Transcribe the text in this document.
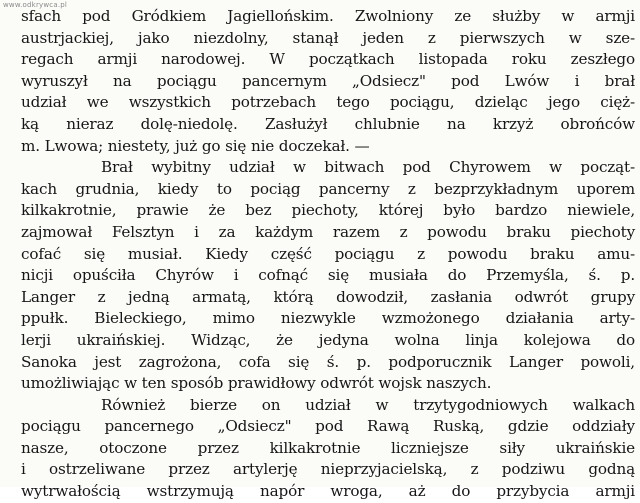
www.odkrywca.pl
sfach pod Gródkiem Jagiellońskim. Zwolniony ze służby w armji
austrjackiej, jako niezdolny, stanął jeden z pierwszych w sze-
regach armji narodowej. W początkach listopada roku zeszłego
wyruszył na pociągu pancernym „Odsiecz" pod Lwów i brał
udział we wszystkich potrzebach tego pociągu, dzieląc jego cięż-
ką nieraz dolę-niedolę. Zasłużył chlubnie na krzyż obrońców
m. Lwowa; niestety, już go się nie doczekał. —
Brał wybitny udział w bitwach pod Chyrowem w począt-
kach grudnia, kiedy to pociąg pancerny z bezprzykładnym uporem
kilkakrotnie, prawie że bez piechoty, której było bardzo niewiele,
zajmował Felsztyn i za każdym razem z powodu braku piechoty
cofać się musiał. Kiedy część pociągu z powodu braku amu-
nicji opuściła Chyrów i cofnąć się musiała do Przemyśla, ś. p.
Langer z jedną armatą, którą dowodził, zasłania odwrót grupy
ppułk. Bieleckiego, mimo niezwykle wzmożonego działania arty-
lerji ukraińskiej. Widząc, że jedyna wolna linja kolejowa do
Sanoka jest zagrożona, cofa się ś. p. podporucznik Langer powoli,
umożliwiając w ten sposób prawidłowy odwrót wojsk naszych.
Również bierze on udział w trzytygodniowych walkach
pociągu pancernego „Odsiecz" pod Rawą Ruską, gdzie oddziały
nasze, otoczone przez kilkakrotnie liczniejsze siły ukraińskie
i ostrzeliwane przez artylerję nieprzyjacielską, z podziwu godną
wytrwałością wstrzymują napór wroga, aż do przybycia armji
